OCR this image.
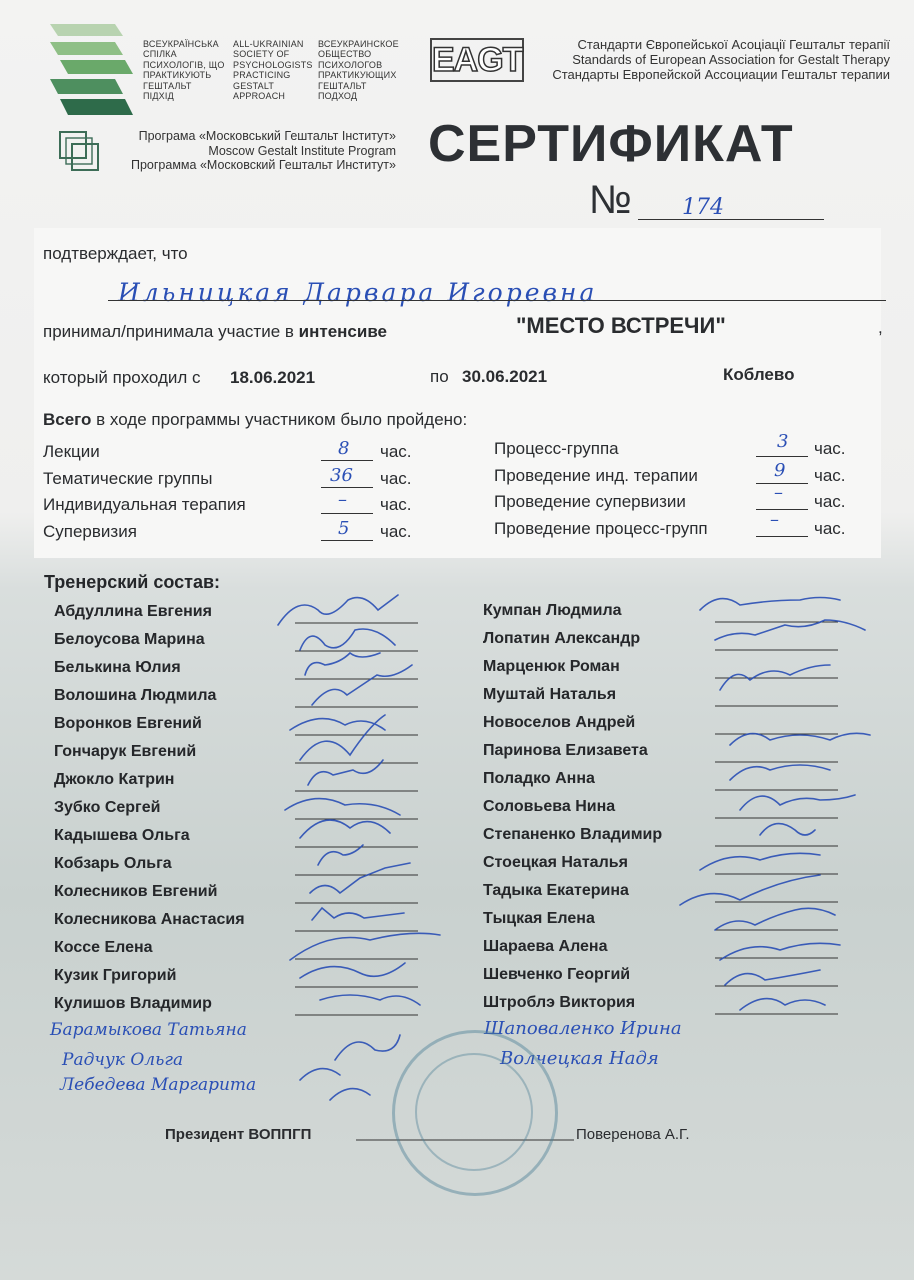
ВСЕУКРАЇНСЬКА
СПІЛКА
ПСИХОЛОГІВ, ЩО
ПРАКТИКУЮТЬ
ГЕШТАЛЬТ
ПІДХІД
ALL-UKRAINIAN
SOCIETY OF
PSYCHOLOGISTS
PRACTICING
GESTALT
APPROACH
ВСЕУКРАИНСКОЕ
ОБЩЕСТВО
ПСИХОЛОГОВ
ПРАКТИКУЮЩИХ
ГЕШТАЛЬТ
ПОДХОД
EAGT	Стандарти Європейської Асоціації Гештальт терапії
Standards of European Association for Gestalt Therapy
Стандарты Европейской Ассоциации Гештальт терапии
Програма «Московський Гештальт Інститут»
Moscow Gestalt Institute Program
Программа «Московский Гештальт Институт» СЕРТИФИКАТ
№ 174
подтверждает, что
Ильницкая Дарвара Игоревна
принимал/принимала участие в интенсиве	"МЕСТО ВСТРЕЧИ"	,
который проходил с 18.06.2021	по 30.06.2021	Коблево
Всего в ходе программы участником было пройдено:
Лекции	8 час.
Тематические группы	36 час.
Индивидуальная терапия	– час.
Супервизия	5 час.
Процесс-группа	3 час.
Проведение инд. терапии	9 час.
Проведение супервизии	– час.
Проведение процесс-групп	– час.
Тренерский состав:
Абдуллина Евгения
Белоусова Марина
Белькина Юлия
Волошина Людмила
Воронков Евгений
Гончарук Евгений
Джокло Катрин
Зубко Сергей
Кадышева Ольга
Кобзарь Ольга
Колесников Евгений
Колесникова Анастасия
Коссе Елена
Кузик Григорий
Кулишов Владимир
Кумпан Людмила
Лопатин Александр
Марценюк Роман
Муштай Наталья
Новоселов Андрей
Паринова Елизавета
Поладко Анна
Соловьева Нина
Степаненко Владимир
Стоецкая Наталья
Тадыка Екатерина
Тыцкая Елена
Шараева Алена
Шевченко Георгий
Штроблэ Виктория
Барамыкова Татьяна
Радчук Ольга
Лебедева Маргарита
Шаповаленко Ирина
Волчецкая Надя
Президент ВОППГП	Поверенова А.Г.
